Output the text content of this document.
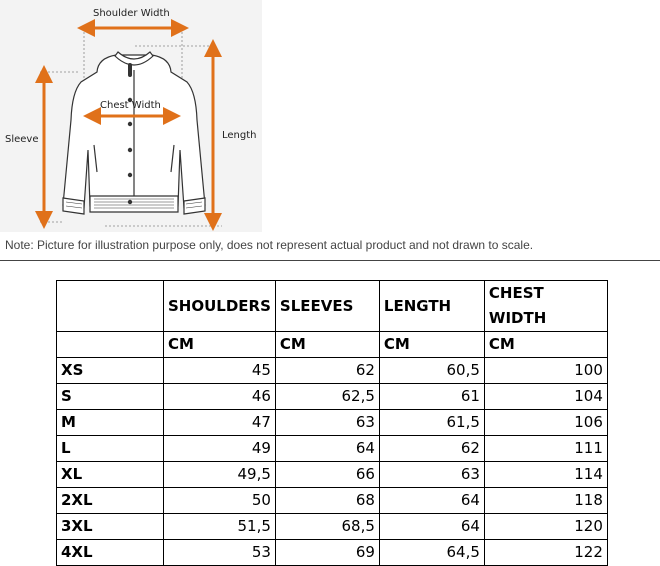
Shoulder Width
Chest Width
Sleeve	Length
Note: Picture for illustration purpose only, does not represent actual product and not drawn to scale.
	SHOULDERS	SLEEVES	LENGTH	CHEST WIDTH
	CM	CM	CM	CM
XS	45	62	60,5	100
S	46	62,5	61	104
M	47	63	61,5	106
L	49	64	62	111
XL	49,5	66	63	114
2XL	50	68	64	118
3XL	51,5	68,5	64	120
4XL	53	69	64,5	122
